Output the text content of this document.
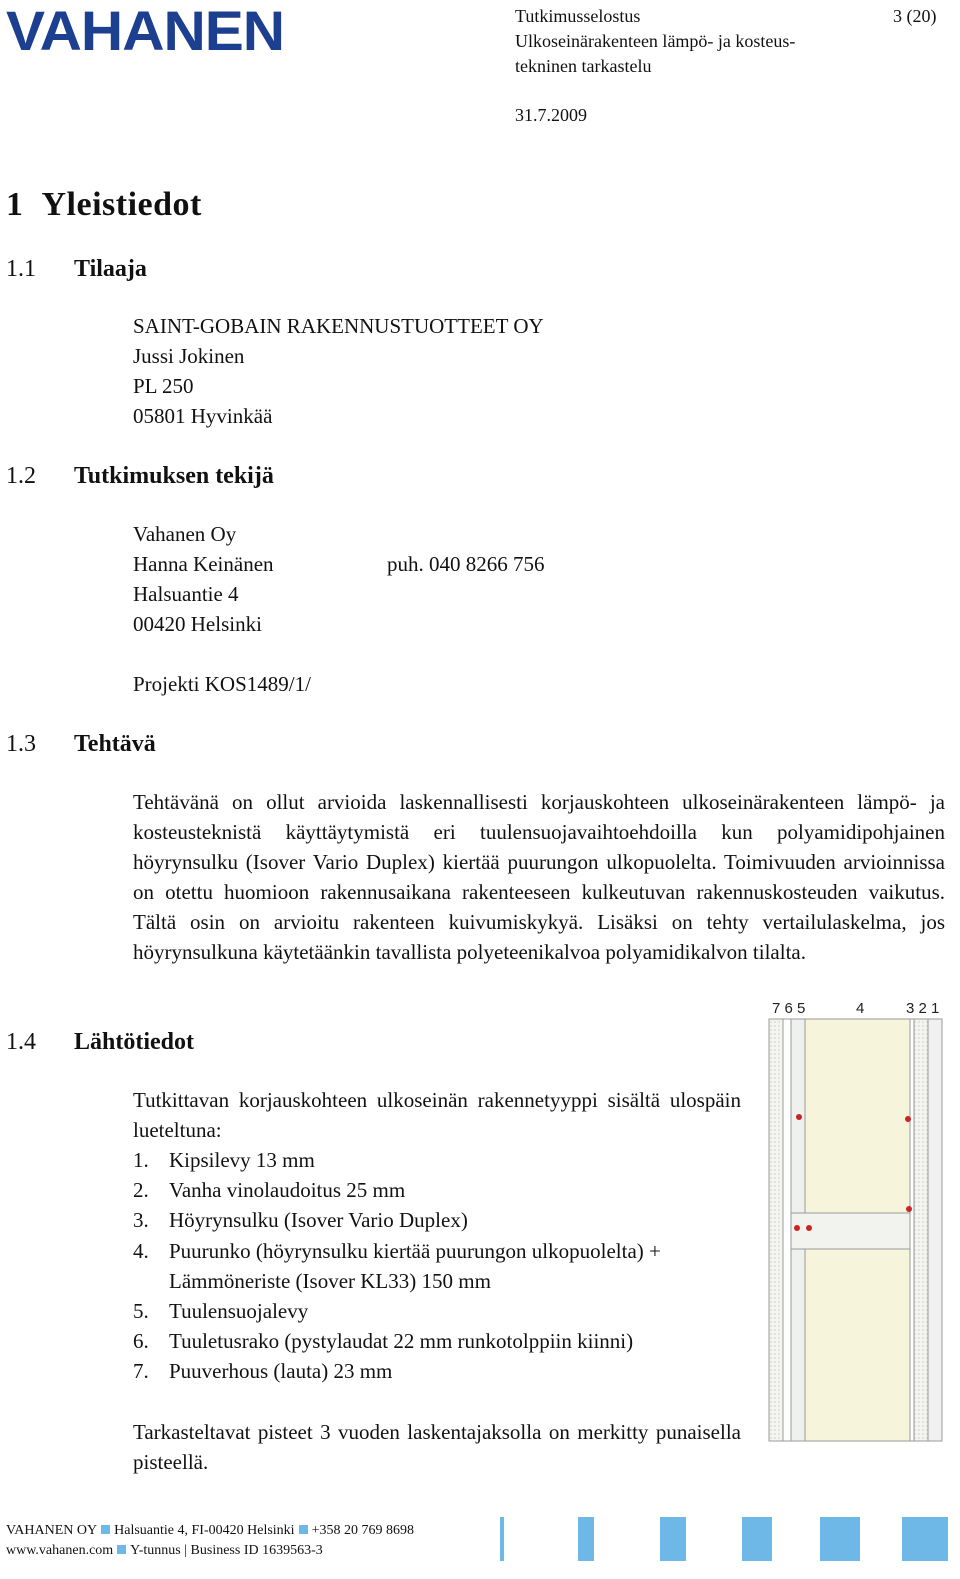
VAHANEN	Tutkimusselostus
Ulkoseinärakenteen lämpö- ja kosteus-tekninen tarkastelu
3 (20)
31.7.2009
1 Yleistiedot
1.1 Tilaaja
SAINT-GOBAIN RAKENNUSTUOTTEET OY
Jussi Jokinen
PL 250
05801 Hyvinkää
1.2 Tutkimuksen tekijä
Vahanen Oy
Hanna Keinänen
Halsuantie 4
00420 Helsinki
puh. 040 8266 756
Projekti KOS1489/1/
1.3 Tehtävä
Tehtävänä on ollut arvioida laskennallisesti korjauskohteen ulkoseinärakenteen lämpö- ja kosteusteknistä käyttäytymistä eri tuulensuojavaihtoehdoilla kun polyamidipohjainen höyrynsulku (Isover Vario Duplex) kiertää puurungon ulkopuolelta. Toimivuuden arvioinnissa on otettu huomioon rakennusaikana rakenteeseen kulkeutuvan rakennuskosteuden vaikutus. Tältä osin on arvioitu rakenteen kuivumiskykyä. Lisäksi on tehty vertailulaskelma, jos höyrynsulkuna käytetäänkin tavallista polyeteenikalvoa polyamidikalvon tilalta.
1.4 Lähtötiedot
Tutkittavan korjauskohteen ulkoseinän rakennetyyppi sisältä ulospäin lueteltuna:
1. Kipsilevy 13 mm
2. Vanha vinolaudoitus 25 mm
3. Höyrynsulku (Isover Vario Duplex)
4. Puurunko (höyrynsulku kiertää puurungon ulkopuolelta) +
Lämmöneriste (Isover KL33) 150 mm
5. Tuulensuojalevy
6. Tuuletusrako (pystylaudat 22 mm runkotolppiin kiinni)
7. Puuverhous (lauta) 23 mm
Tarkasteltavat pisteet 3 vuoden laskentajaksolla on merkitty punaisella pisteellä.
7 6 5	4	3 2 1
VAHANEN OY Halsuantie 4, FI-00420 Helsinki +358 20 769 8698
www.vahanen.com Y-tunnus | Business ID 1639563-3
